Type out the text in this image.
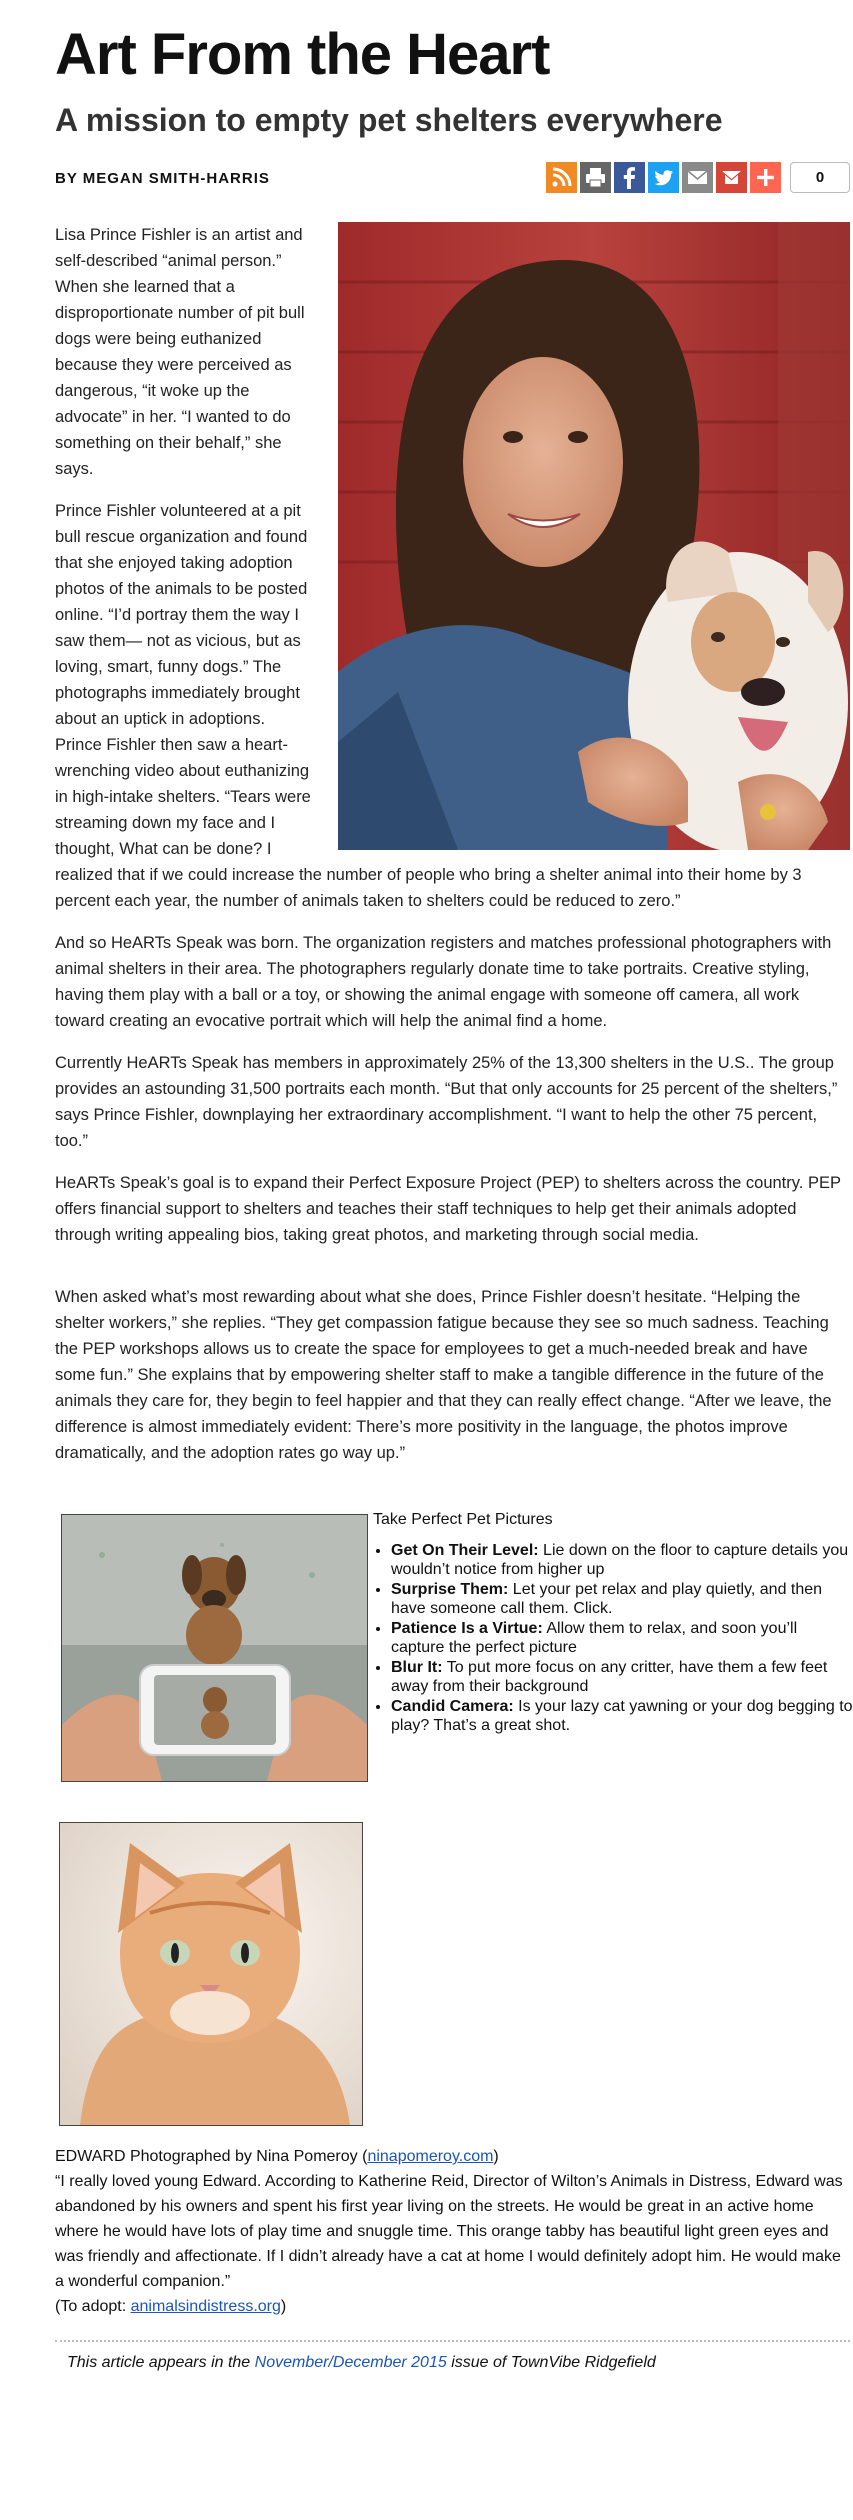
Art From the Heart
A mission to empty pet shelters everywhere
BY MEGAN SMITH-HARRIS	0

Lisa Prince Fishler is an artist and self-described “animal person.” When she learned that a disproportionate number of pit bull dogs were being euthanized because they were perceived as dangerous, “it woke up the advocate” in her. “I wanted to do something on their behalf,” she says.

Prince Fishler volunteered at a pit bull rescue organization and found that she enjoyed taking adoption photos of the animals to be posted online. “I’d portray them the way I saw them— not as vicious, but as loving, smart, funny dogs.” The photographs immediately brought about an uptick in adoptions. Prince Fishler then saw a heart-wrenching video about euthanizing in high-intake shelters. “Tears were streaming down my face and I thought, What can be done? I realized that if we could increase the number of people who bring a shelter animal into their home by 3 percent each year, the number of animals taken to shelters could be reduced to zero.”

And so HeARTs Speak was born. The organization registers and matches professional photographers with animal shelters in their area. The photographers regularly donate time to take portraits. Creative styling, having them play with a ball or a toy, or showing the animal engage with someone off camera, all work toward creating an evocative portrait which will help the animal find a home.

Currently HeARTs Speak has members in approximately 25% of the 13,300 shelters in the U.S.. The group provides an astounding 31,500 portraits each month. “But that only accounts for 25 percent of the shelters,” says Prince Fishler, downplaying her extraordinary accomplishment. “I want to help the other 75 percent, too.”

HeARTs Speak’s goal is to expand their Perfect Exposure Project (PEP) to shelters across the country. PEP offers financial support to shelters and teaches their staff techniques to help get their animals adopted through writing appealing bios, taking great photos, and marketing through social media.

When asked what’s most rewarding about what she does, Prince Fishler doesn’t hesitate. “Helping the shelter workers,” she replies. “They get compassion fatigue because they see so much sadness. Teaching the PEP workshops allows us to create the space for employees to get a much-needed break and have some fun.” She explains that by empowering shelter staff to make a tangible difference in the future of the animals they care for, they begin to feel happier and that they can really effect change. “After we leave, the difference is almost immediately evident: There’s more positivity in the language, the photos improve dramatically, and the adoption rates go way up.”

Take Perfect Pet Pictures

• Get On Their Level: Lie down on the floor to capture details you wouldn’t notice from higher up
• Surprise Them: Let your pet relax and play quietly, and then have someone call them. Click.
• Patience Is a Virtue: Allow them to relax, and soon you’ll capture the perfect picture
• Blur It: To put more focus on any critter, have them a few feet away from their background
• Candid Camera: Is your lazy cat yawning or your dog begging to play? That’s a great shot.

EDWARD Photographed by Nina Pomeroy (ninapomeroy.com)

“I really loved young Edward. According to Katherine Reid, Director of Wilton’s Animals in Distress, Edward was abandoned by his owners and spent his first year living on the streets. He would be great in an active home where he would have lots of play time and snuggle time. This orange tabby has beautiful light green eyes and was friendly and affectionate. If I didn’t already have a cat at home I would definitely adopt him. He would make a wonderful companion.”

(To adopt: animalsindistress.org)

This article appears in the November/December 2015 issue of TownVibe Ridgefield
